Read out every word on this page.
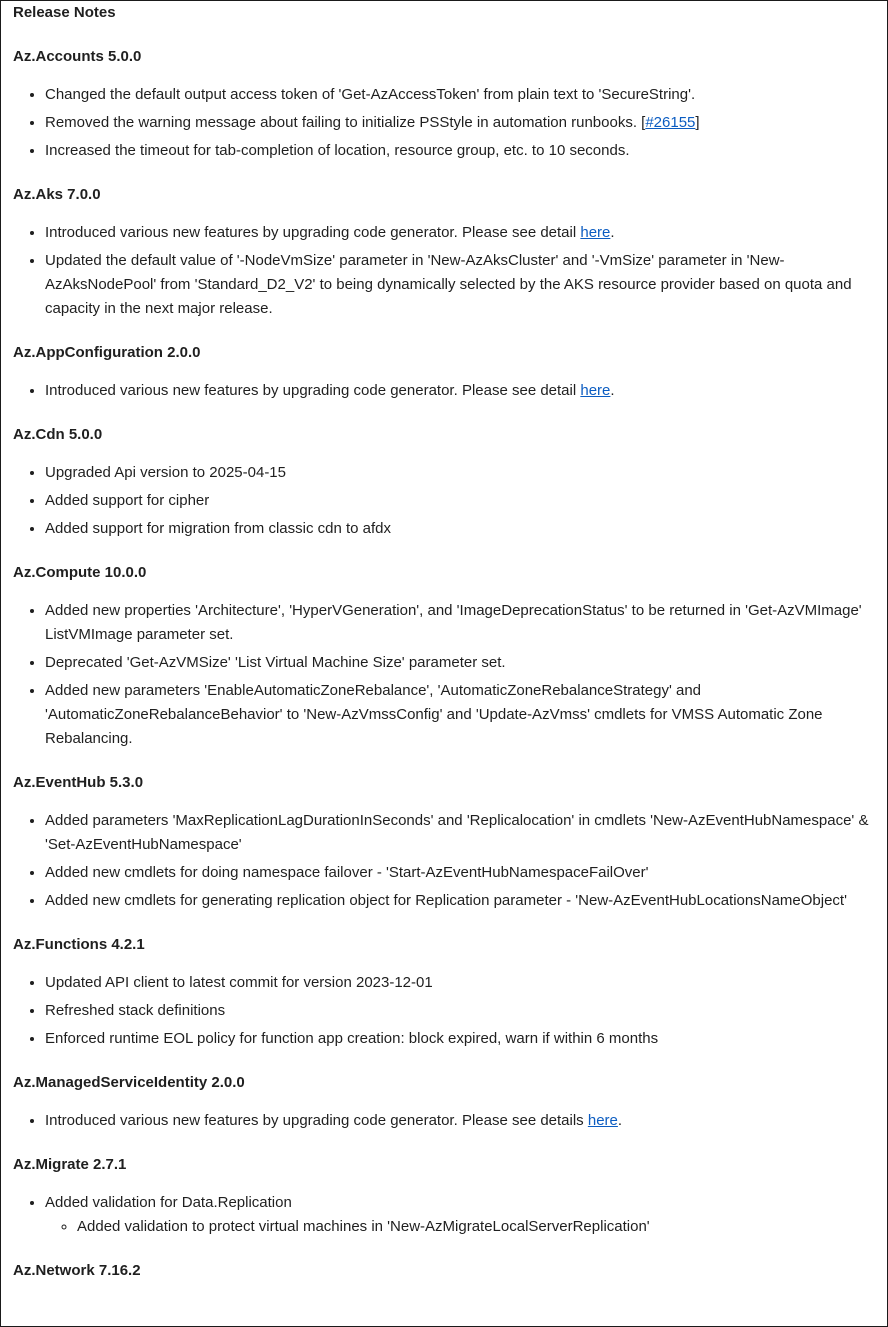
Release Notes
Az.Accounts 5.0.0
• Changed the default output access token of 'Get-AzAccessToken' from plain text to 'SecureString'.
• Removed the warning message about failing to initialize PSStyle in automation runbooks. [#26155]
• Increased the timeout for tab-completion of location, resource group, etc. to 10 seconds.
Az.Aks 7.0.0
• Introduced various new features by upgrading code generator. Please see detail here.
• Updated the default value of '-NodeVmSize' parameter in 'New-AzAksCluster' and '-VmSize' parameter in 'New-AzAksNodePool' from 'Standard_D2_V2' to being dynamically selected by the AKS resource provider based on quota and capacity in the next major release.
Az.AppConfiguration 2.0.0
• Introduced various new features by upgrading code generator. Please see detail here.
Az.Cdn 5.0.0
• Upgraded Api version to 2025-04-15
• Added support for cipher
• Added support for migration from classic cdn to afdx
Az.Compute 10.0.0
• Added new properties 'Architecture', 'HyperVGeneration', and 'ImageDeprecationStatus' to be returned in 'Get-AzVMImage' ListVMImage parameter set.
• Deprecated 'Get-AzVMSize' 'List Virtual Machine Size' parameter set.
• Added new parameters 'EnableAutomaticZoneRebalance', 'AutomaticZoneRebalanceStrategy' and 'AutomaticZoneRebalanceBehavior' to 'New-AzVmssConfig' and 'Update-AzVmss' cmdlets for VMSS Automatic Zone Rebalancing.
Az.EventHub 5.3.0
• Added parameters 'MaxReplicationLagDurationInSeconds' and 'Replicalocation' in cmdlets 'New-AzEventHubNamespace' & 'Set-AzEventHubNamespace'
• Added new cmdlets for doing namespace failover - 'Start-AzEventHubNamespaceFailOver'
• Added new cmdlets for generating replication object for Replication parameter - 'New-AzEventHubLocationsNameObject'
Az.Functions 4.2.1
• Updated API client to latest commit for version 2023-12-01
• Refreshed stack definitions
• Enforced runtime EOL policy for function app creation: block expired, warn if within 6 months
Az.ManagedServiceIdentity 2.0.0
• Introduced various new features by upgrading code generator. Please see details here.
Az.Migrate 2.7.1
• Added validation for Data.Replication
◦ Added validation to protect virtual machines in 'New-AzMigrateLocalServerReplication'
Az.Network 7.16.2
